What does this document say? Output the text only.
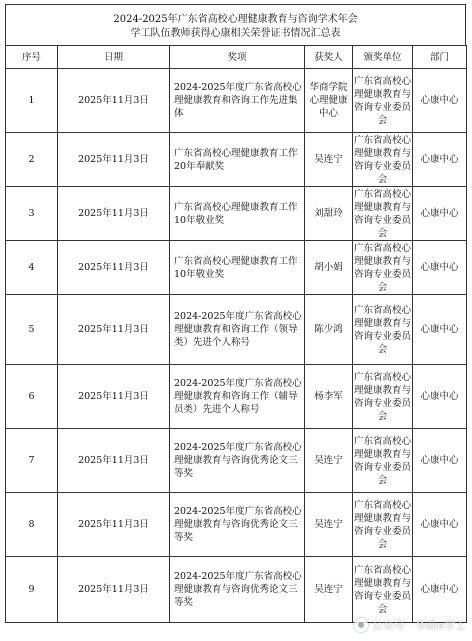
2024-2025年广东省高校心理健康教育与咨询学术年会
学工队伍教师获得心康相关荣誉证书情况汇总表
序号	日期	奖项	获奖人	颁奖单位	部门
1	2025年11月3日	2024-2025年度广东省高校心理健康教育和咨询工作先进集体	华商学院心理健康中心	广东省高校心理健康教育与咨询专业委员会	心康中心
2	2025年11月3日	广东省高校心理健康教育工作20年奉献奖	吴连宁	广东省高校心理健康教育与咨询专业委员会	心康中心
3	2025年11月3日	广东省高校心理健康教育工作10年敬业奖	刘甜玲	广东省高校心理健康教育与咨询专业委员会	心康中心
4	2025年11月3日	广东省高校心理健康教育工作10年敬业奖	胡小娟	广东省高校心理健康教育与咨询专业委员会	心康中心
5	2025年11月3日	2024-2025年度广东省高校心理健康教育和咨询工作（领导类）先进个人称号	陈少鸿	广东省高校心理健康教育与咨询专业委员会	心康中心
6	2025年11月3日	2024-2025年度广东省高校心理健康教育和咨询工作（辅导员类）先进个人称号	杨李军	广东省高校心理健康教育与咨询专业委员会	心康中心
7	2025年11月3日	2024-2025年度广东省高校心理健康教育与咨询优秀论文三等奖	吴连宁	广东省高校心理健康教育与咨询专业委员会	心康中心
8	2025年11月3日	2024-2025年度广东省高校心理健康教育与咨询优秀论文三等奖	吴连宁	广东省高校心理健康教育与咨询专业委员会	心康中心
9	2025年11月3日	2024-2025年度广东省高校心理健康教育与咨询优秀论文三等奖	吴连宁	广东省高校心理健康教育与咨询专业委员会	心康中心
公众号 · 华商e学工
